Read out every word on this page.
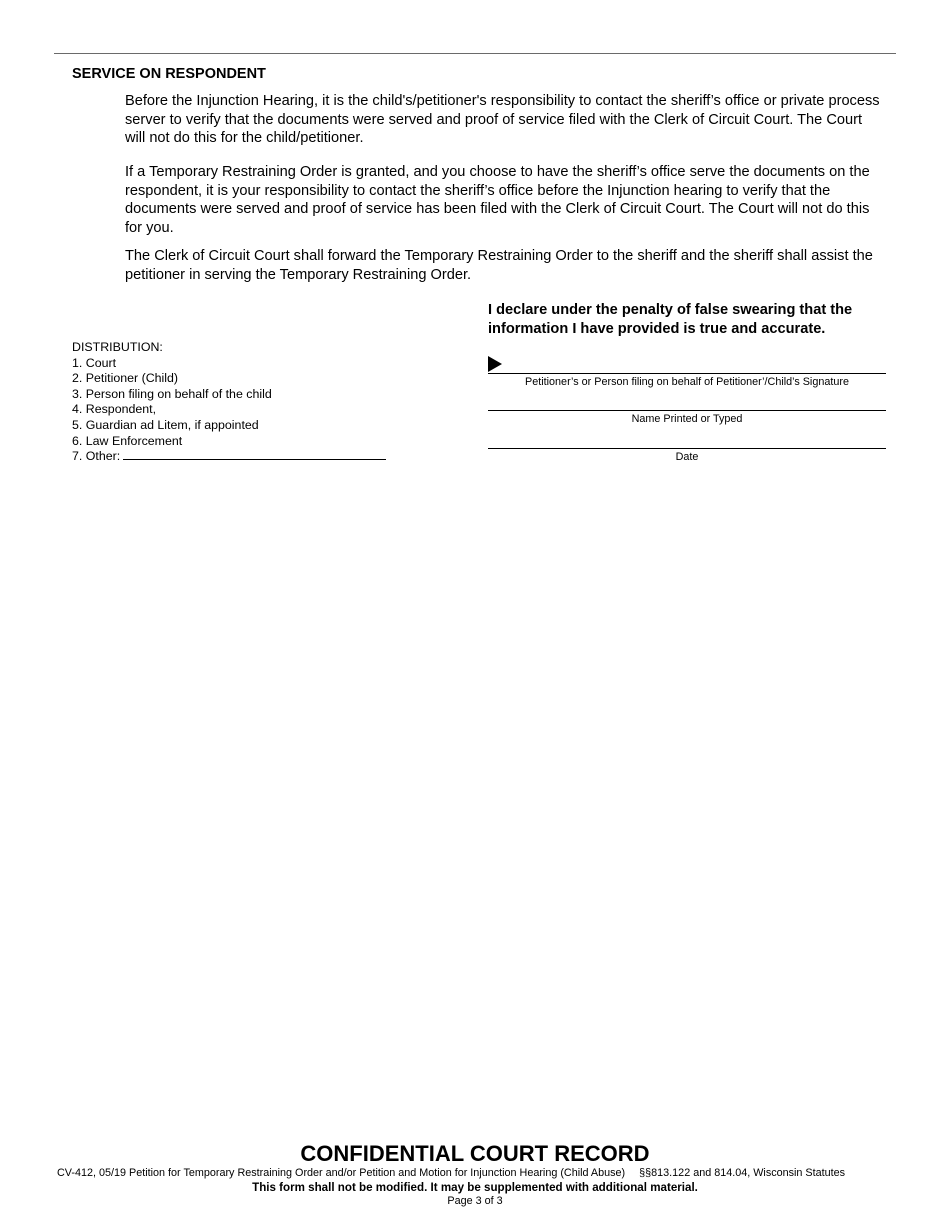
SERVICE ON RESPONDENT
Before the Injunction Hearing, it is the child's/petitioner's responsibility to contact the sheriff’s office or private process server to verify that the documents were served and proof of service filed with the Clerk of Circuit Court. The Court will not do this for the child/petitioner.
If a Temporary Restraining Order is granted, and you choose to have the sheriff’s office serve the documents on the respondent, it is your responsibility to contact the sheriff’s office before the Injunction hearing to verify that the documents were served and proof of service has been filed with the Clerk of Circuit Court. The Court will not do this for you.
The Clerk of Circuit Court shall forward the Temporary Restraining Order to the sheriff and the sheriff shall assist the petitioner in serving the Temporary Restraining Order.
I declare under the penalty of false swearing that the information I have provided is true and accurate.
DISTRIBUTION:
1. Court
2. Petitioner (Child)
3. Person filing on behalf of the child
4. Respondent,
5. Guardian ad Litem, if appointed
6. Law Enforcement
7. Other:
Petitioner’s or Person filing on behalf of Petitioner’/Child’s Signature
Name Printed or Typed
Date
CONFIDENTIAL COURT RECORD
CV-412, 05/19 Petition for Temporary Restraining Order and/or Petition and Motion for Injunction Hearing (Child Abuse) §§813.122 and 814.04, Wisconsin Statutes
This form shall not be modified. It may be supplemented with additional material.
Page 3 of 3
